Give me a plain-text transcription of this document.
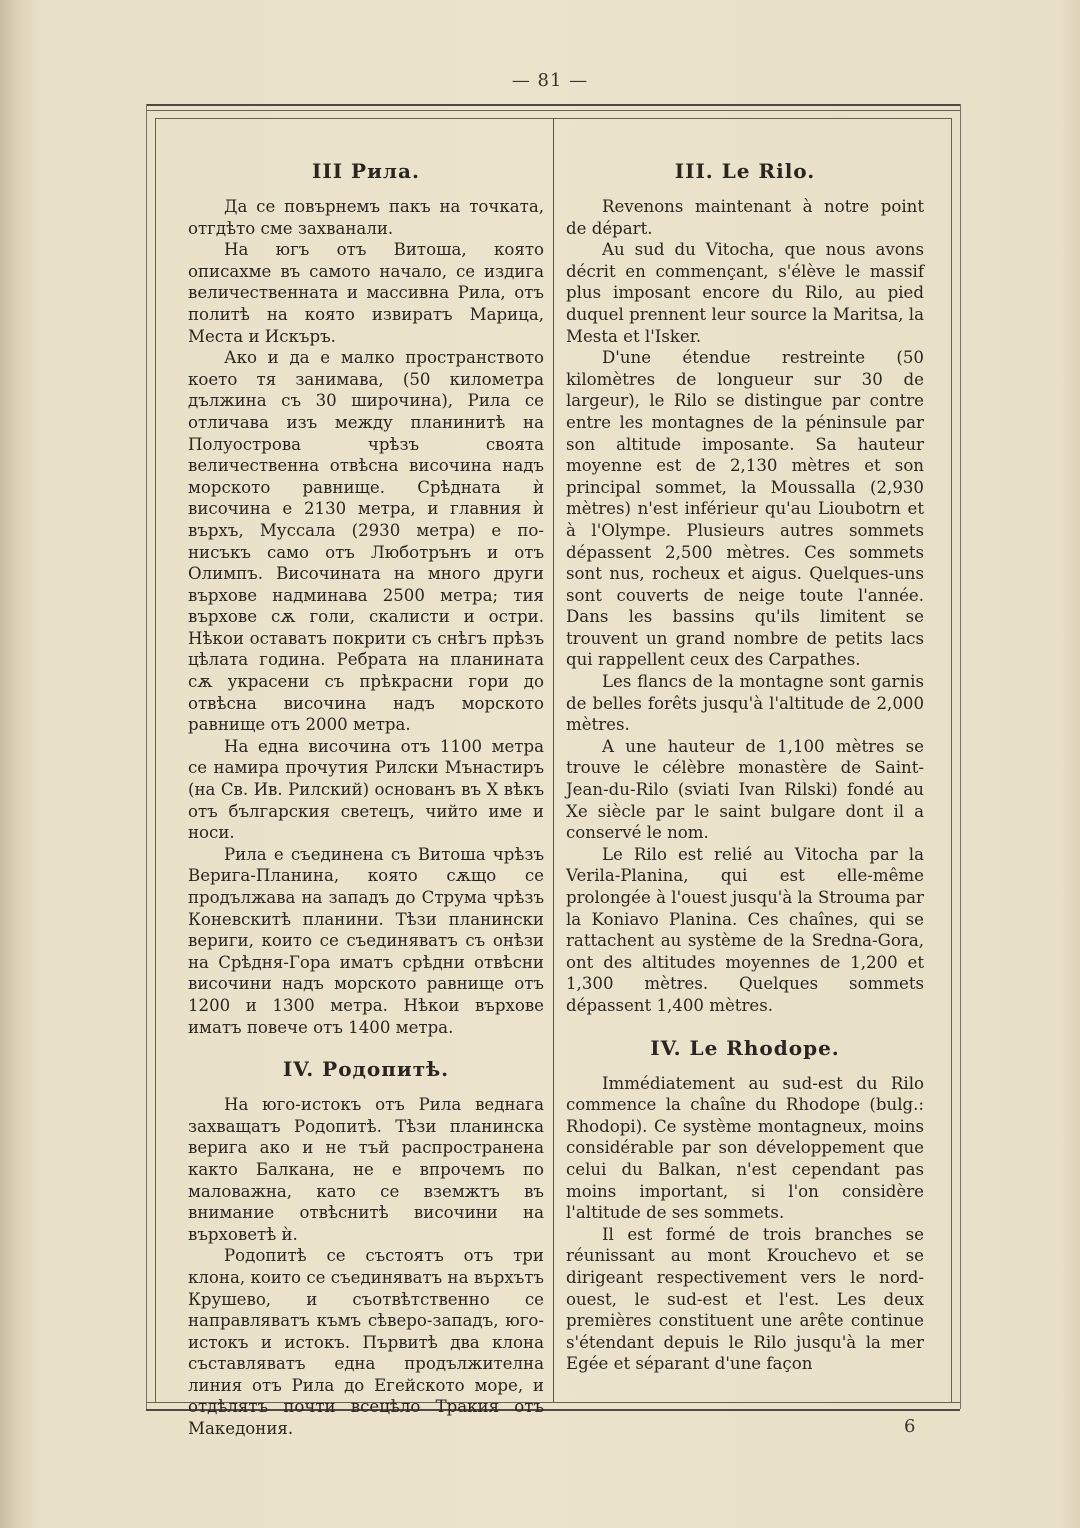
— 81 —
III Рила.

Да се повърнемъ пакъ на точката, отгдѣто сме захванали.

На югъ отъ Витоша, която описахме въ самото начало, се издига величественната и массивна Рила, отъ политѣ на която извиратъ Марица, Места и Искъръ.

Ако и да е малко пространството което тя занимава, (50 километра дължина съ 30 широчина), Рила се отличава изъ между планинитѣ на Полуострова чрѣзъ своята величественна отвѣсна височина надъ морското равнище. Срѣдната ѝ височина е 2130 метра, и главния ѝ върхъ, Муссала (2930 метра) е по-нисъкъ само отъ Люботрънъ и отъ Олимпъ. Височината на много други върхове надминава 2500 метра; тия върхове сѫ голи, скалисти и остри. Нѣкои оставатъ покрити съ снѣгъ прѣзъ цѣлата година. Ребрата на планината сѫ украсени съ прѣкрасни гори до отвѣсна височина надъ морското равнище отъ 2000 метра.

На една височина отъ 1100 метра се намира прочутия Рилски Мънастиръ (на Св. Ив. Рилский) основанъ въ X вѣкъ отъ българския светецъ, чийто име и носи.

Рила е съединена съ Витоша чрѣзъ Верига-Планина, която сѫщо се продължава на западъ до Струма чрѣзъ Коневскитѣ планини. Тѣзи планински вериги, които се съединяватъ съ онѣзи на Срѣдня-Гора иматъ срѣдни отвѣсни височини надъ морското равнище отъ 1200 и 1300 метра. Нѣкои върхове иматъ повече отъ 1400 метра.

IV. Родопитѣ.

На юго-истокъ отъ Рила веднага захващатъ Родопитѣ. Тѣзи планинска верига ако и не тъй распространена както Балкана, не е впрочемъ по маловажна, като се вземжтъ въ внимание отвѣснитѣ височини на върховетѣ ѝ.

Родопитѣ се състоятъ отъ три клона, които се съединяватъ на върхътъ Крушево, и съотвѣтственно се направляватъ къмъ сѣверо-западъ, юго-истокъ и истокъ. Първитѣ два клона съставляватъ една продължителна линия отъ Рила до Егейското море, и отдѣлятъ почти всецѣло Тракия отъ Македония.

III. Le Rilo.

Revenons maintenant à notre point de départ.

Au sud du Vitocha, que nous avons décrit en commençant, s'élève le massif plus imposant encore du Rilo, au pied duquel prennent leur source la Maritsa, la Mesta et l'Isker.

D'une étendue restreinte (50 kilomètres de longueur sur 30 de largeur), le Rilo se distingue par contre entre les montagnes de la péninsule par son altitude imposante. Sa hauteur moyenne est de 2,130 mètres et son principal sommet, la Moussalla (2,930 mètres) n'est inférieur qu'au Lioubotrn et à l'Olympe. Plusieurs autres sommets dépassent 2,500 mètres. Ces sommets sont nus, rocheux et aigus. Quelques-uns sont couverts de neige toute l'année. Dans les bassins qu'ils limitent se trouvent un grand nombre de petits lacs qui rappellent ceux des Carpathes.

Les flancs de la montagne sont garnis de belles forêts jusqu'à l'altitude de 2,000 mètres.

A une hauteur de 1,100 mètres se trouve le célèbre monastère de Saint-Jean-du-Rilo (sviati Ivan Rilski) fondé au Xe siècle par le saint bulgare dont il a conservé le nom.

Le Rilo est relié au Vitocha par la Verila-Planina, qui est elle-même prolongée à l'ouest jusqu'à la Strouma par la Koniavo Planina. Ces chaînes, qui se rattachent au système de la Sredna-Gora, ont des altitudes moyennes de 1,200 et 1,300 mètres. Quelques sommets dépassent 1,400 mètres.

IV. Le Rhodope.

Immédiatement au sud-est du Rilo commence la chaîne du Rhodope (bulg.: Rhodopi). Ce système montagneux, moins considérable par son développement que celui du Balkan, n'est cependant pas moins important, si l'on considère l'altitude de ses sommets.

Il est formé de trois branches se réunissant au mont Krouchevo et se dirigeant respectivement vers le nord-ouest, le sud-est et l'est. Les deux premières constituent une arête continue s'étendant depuis le Rilo jusqu'à la mer Egée et séparant d'une façon

6
